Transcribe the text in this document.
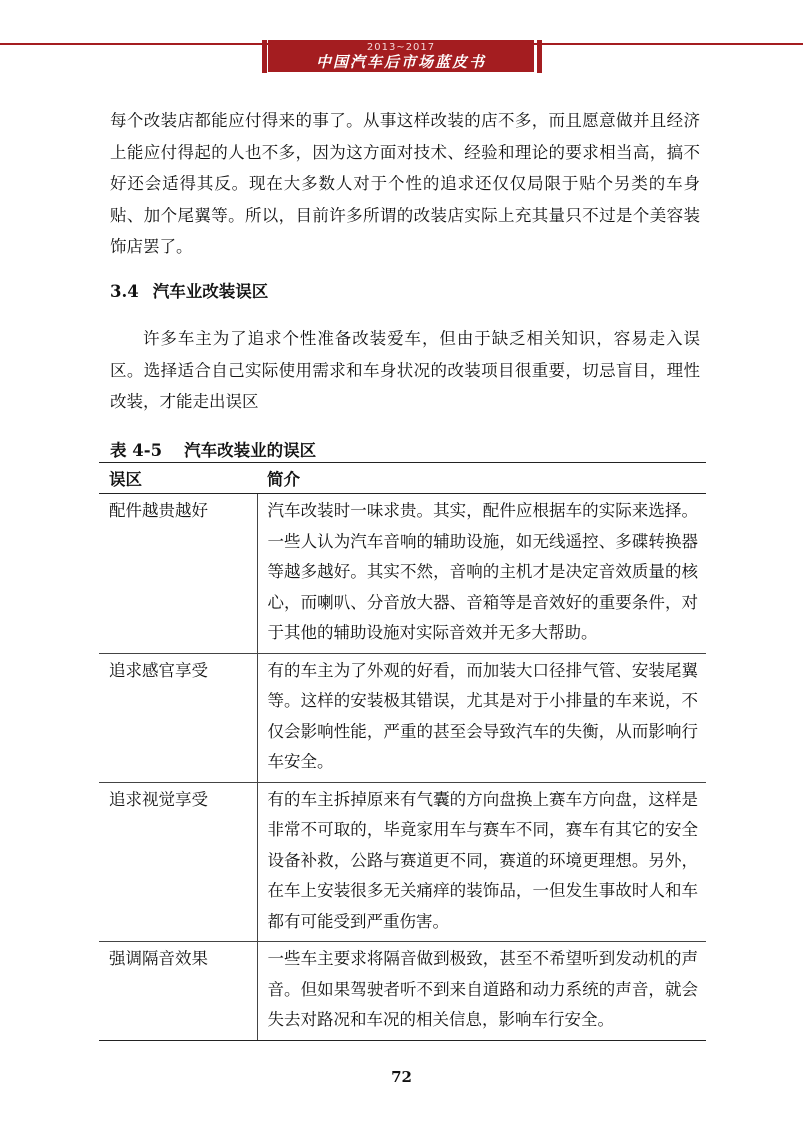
2013~2017
中国汽车后市场蓝皮书

每个改装店都能应付得来的事了。从事这样改装的店不多，而且愿意做并且经济上能应付得起的人也不多，因为这方面对技术、经验和理论的要求相当高，搞不好还会适得其反。现在大多数人对于个性的追求还仅仅局限于贴个另类的车身贴、加个尾翼等。所以，目前许多所谓的改装店实际上充其量只不过是个美容装饰店罢了。

3.4 汽车业改装误区

许多车主为了追求个性准备改装爱车，但由于缺乏相关知识，容易走入误区。选择适合自己实际使用需求和车身状况的改装项目很重要，切忌盲目，理性改装，才能走出误区

表 4-5 汽车改装业的误区
误区	简介
配件越贵越好	汽车改装时一味求贵。其实，配件应根据车的实际来选择。一些人认为汽车音响的辅助设施，如无线遥控、多碟转换器等越多越好。其实不然，音响的主机才是决定音效质量的核心，而喇叭、分音放大器、音箱等是音效好的重要条件，对于其他的辅助设施对实际音效并无多大帮助。
追求感官享受	有的车主为了外观的好看，而加装大口径排气管、安装尾翼等。这样的安装极其错误，尤其是对于小排量的车来说，不仅会影响性能，严重的甚至会导致汽车的失衡，从而影响行车安全。
追求视觉享受	有的车主拆掉原来有气囊的方向盘换上赛车方向盘，这样是非常不可取的，毕竟家用车与赛车不同，赛车有其它的安全设备补救，公路与赛道更不同，赛道的环境更理想。另外，在车上安装很多无关痛痒的装饰品，一但发生事故时人和车都有可能受到严重伤害。
强调隔音效果	一些车主要求将隔音做到极致，甚至不希望听到发动机的声音。但如果驾驶者听不到来自道路和动力系统的声音，就会失去对路况和车况的相关信息，影响车行安全。
72
